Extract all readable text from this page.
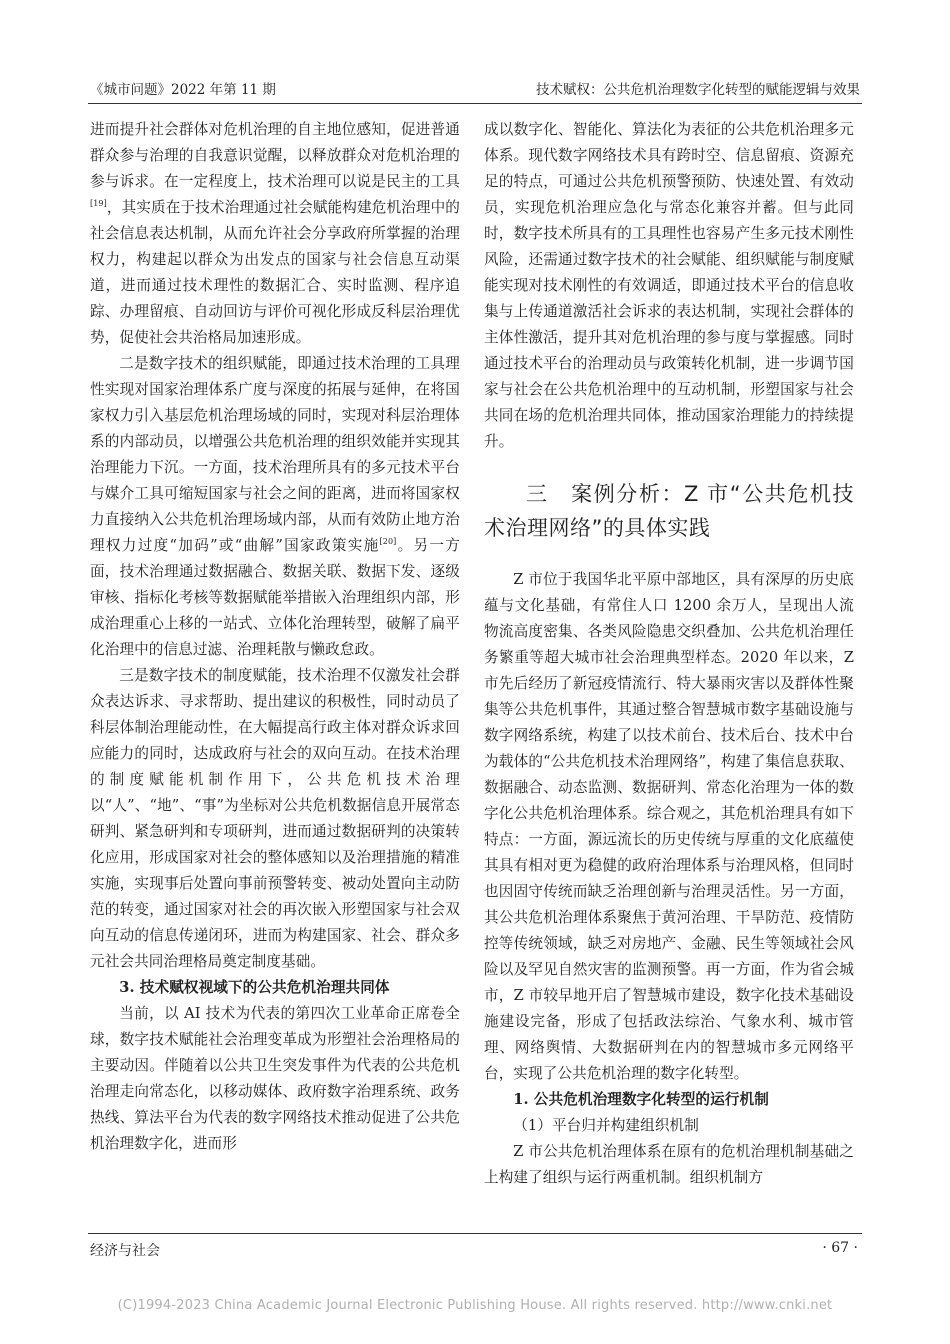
《城市问题》2022 年第 11 期	技术赋权：公共危机治理数字化转型的赋能逻辑与效果

进而提升社会群体对危机治理的自主地位感知，促进普通群众参与治理的自我意识觉醒，以释放群众对危机治理的参与诉求。在一定程度上，技术治理可以说是民主的工具[19]，其实质在于技术治理通过社会赋能构建危机治理中的社会信息表达机制，从而允许社会分享政府所掌握的治理权力，构建起以群众为出发点的国家与社会信息互动渠道，进而通过技术理性的数据汇合、实时监测、程序追踪、办理留痕、自动回访与评价可视化形成反科层治理优势，促使社会共治格局加速形成。

二是数字技术的组织赋能，即通过技术治理的工具理性实现对国家治理体系广度与深度的拓展与延伸，在将国家权力引入基层危机治理场域的同时，实现对科层治理体系的内部动员，以增强公共危机治理的组织效能并实现其治理能力下沉。一方面，技术治理所具有的多元技术平台与媒介工具可缩短国家与社会之间的距离，进而将国家权力直接纳入公共危机治理场域内部，从而有效防止地方治理权力过度“加码”或“曲解”国家政策实施[20]。另一方面，技术治理通过数据融合、数据关联、数据下发、逐级审核、指标化考核等数据赋能举措嵌入治理组织内部，形成治理重心上移的一站式、立体化治理转型，破解了扁平化治理中的信息过滤、治理耗散与懒政怠政。

三是数字技术的制度赋能，技术治理不仅激发社会群众表达诉求、寻求帮助、提出建议的积极性，同时动员了科层体制治理能动性，在大幅提高行政主体对群众诉求回应能力的同时，达成政府与社会的双向互动。在技术治理的制度赋能机制作用下，公共危机技术治理以“人”、“地”、“事”为坐标对公共危机数据信息开展常态研判、紧急研判和专项研判，进而通过数据研判的决策转化应用，形成国家对社会的整体感知以及治理措施的精准实施，实现事后处置向事前预警转变、被动处置向主动防范的转变，通过国家对社会的再次嵌入形塑国家与社会双向互动的信息传递闭环，进而为构建国家、社会、群众多元社会共同治理格局奠定制度基础。

3. 技术赋权视域下的公共危机治理共同体

当前，以 AI 技术为代表的第四次工业革命正席卷全球，数字技术赋能社会治理变革成为形塑社会治理格局的主要动因。伴随着以公共卫生突发事件为代表的公共危机治理走向常态化，以移动媒体、政府数字治理系统、政务热线、算法平台为代表的数字网络技术推动促进了公共危机治理数字化，进而形

成以数字化、智能化、算法化为表征的公共危机治理多元体系。现代数字网络技术具有跨时空、信息留痕、资源充足的特点，可通过公共危机预警预防、快速处置、有效动员，实现危机治理应急化与常态化兼容并蓄。但与此同时，数字技术所具有的工具理性也容易产生多元技术刚性风险，还需通过数字技术的社会赋能、组织赋能与制度赋能实现对技术刚性的有效调适，即通过技术平台的信息收集与上传通道激活社会诉求的表达机制，实现社会群体的主体性激活，提升其对危机治理的参与度与掌握感。同时通过技术平台的治理动员与政策转化机制，进一步调节国家与社会在公共危机治理中的互动机制，形塑国家与社会共同在场的危机治理共同体，推动国家治理能力的持续提升。

三　案例分析：Z 市“公共危机技术治理网络”的具体实践

Z 市位于我国华北平原中部地区，具有深厚的历史底蕴与文化基础，有常住人口 1200 余万人，呈现出人流物流高度密集、各类风险隐患交织叠加、公共危机治理任务繁重等超大城市社会治理典型样态。2020 年以来，Z 市先后经历了新冠疫情流行、特大暴雨灾害以及群体性聚集等公共危机事件，其通过整合智慧城市数字基础设施与数字网络系统，构建了以技术前台、技术后台、技术中台为载体的“公共危机技术治理网络”，构建了集信息获取、数据融合、动态监测、数据研判、常态化治理为一体的数字化公共危机治理体系。综合观之，其危机治理具有如下特点：一方面，源远流长的历史传统与厚重的文化底蕴使其具有相对更为稳健的政府治理体系与治理风格，但同时也因固守传统而缺乏治理创新与治理灵活性。另一方面，其公共危机治理体系聚焦于黄河治理、干旱防范、疫情防控等传统领域，缺乏对房地产、金融、民生等领域社会风险以及罕见自然灾害的监测预警。再一方面，作为省会城市，Z 市较早地开启了智慧城市建设，数字化技术基础设施建设完备，形成了包括政法综治、气象水利、城市管理、网络舆情、大数据研判在内的智慧城市多元网络平台，实现了公共危机治理的数字化转型。

1. 公共危机治理数字化转型的运行机制

（1）平台归并构建组织机制

Z 市公共危机治理体系在原有的危机治理机制基础之上构建了组织与运行两重机制。组织机制方

经济与社会	· 67 ·
(C)1994-2023 China Academic Journal Electronic Publishing House. All rights reserved. http://www.cnki.net
